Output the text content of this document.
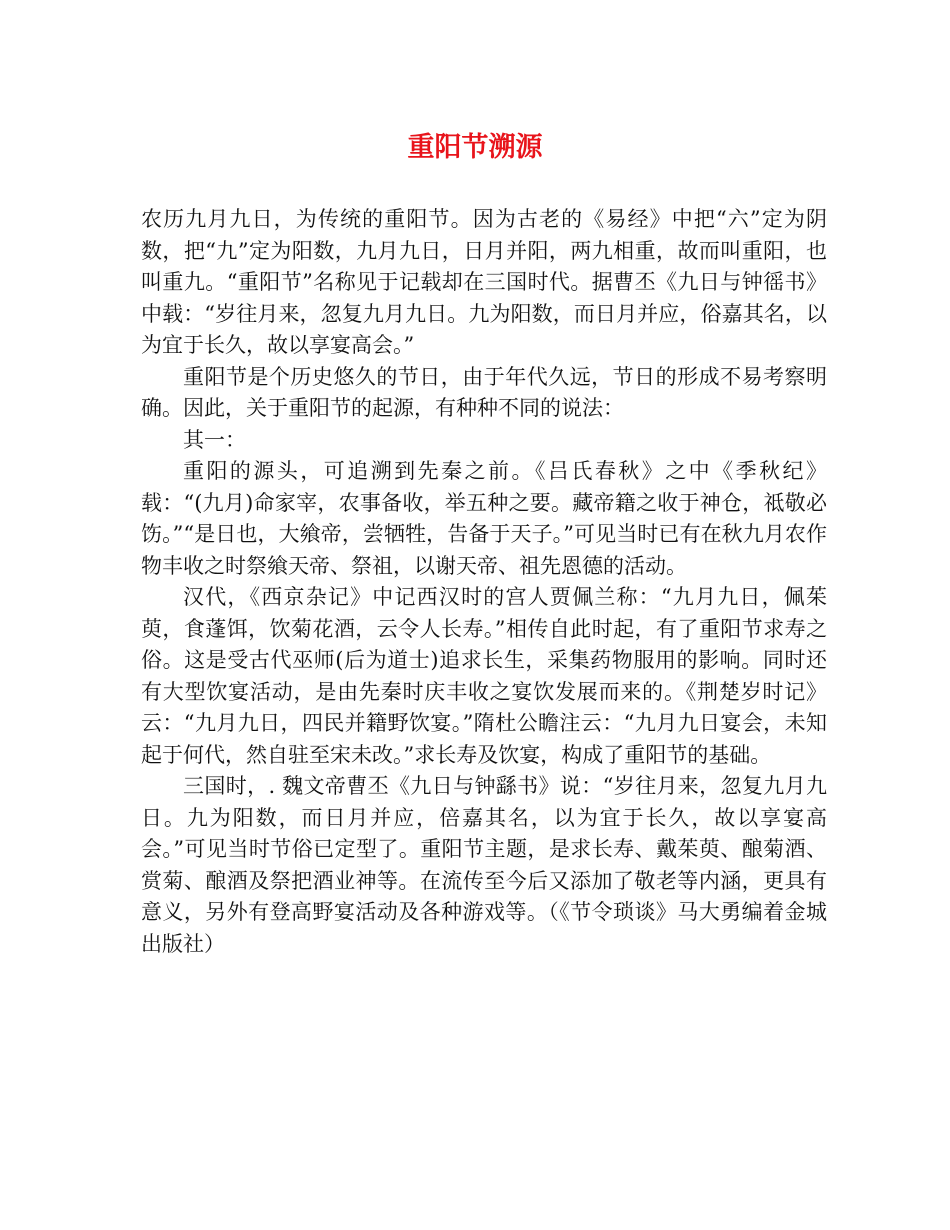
重阳节溯源

农历九月九日，为传统的重阳节。因为古老的《易经》中把“六”定为阴数，把“九”定为阳数，九月九日，日月并阳，两九相重，故而叫重阳，也叫重九。“重阳节”名称见于记载却在三国时代。据曹丕《九日与钟徭书》中载：“岁往月来，忽复九月九日。九为阳数，而日月并应，俗嘉其名，以为宜于长久，故以享宴高会。”

重阳节是个历史悠久的节日，由于年代久远，节日的形成不易考察明确。因此，关于重阳节的起源，有种种不同的说法：

其一：

重阳的源头，可追溯到先秦之前。《吕氏春秋》之中《季秋纪》载：“(九月)命家宰，农事备收，举五种之要。藏帝籍之收于神仓，祗敬必饬。”“是日也，大飨帝，尝牺牲，告备于天子。”可见当时已有在秋九月农作物丰收之时祭飨天帝、祭祖，以谢天帝、祖先恩德的活动。

汉代，《西京杂记》中记西汉时的宫人贾佩兰称：“九月九日，佩茱萸，食蓬饵，饮菊花酒，云令人长寿。”相传自此时起，有了重阳节求寿之俗。这是受古代巫师(后为道士)追求长生，采集药物服用的影响。同时还有大型饮宴活动，是由先秦时庆丰收之宴饮发展而来的。《荆楚岁时记》云：“九月九日，四民并籍野饮宴。”隋杜公瞻注云：“九月九日宴会，未知起于何代，然自驻至宋未改。”求长寿及饮宴，构成了重阳节的基础。

三国时，. 魏文帝曹丕《九日与钟繇书》说：“岁往月来，忽复九月九日。九为阳数，而日月并应，倍嘉其名，以为宜于长久，故以享宴高会。”可见当时节俗已定型了。重阳节主题，是求长寿、戴茱萸、酿菊酒、赏菊、酿酒及祭把酒业神等。在流传至今后又添加了敬老等内涵，更具有意义，另外有登高野宴活动及各种游戏等。（《节令琐谈》马大勇编着金城出版社）
